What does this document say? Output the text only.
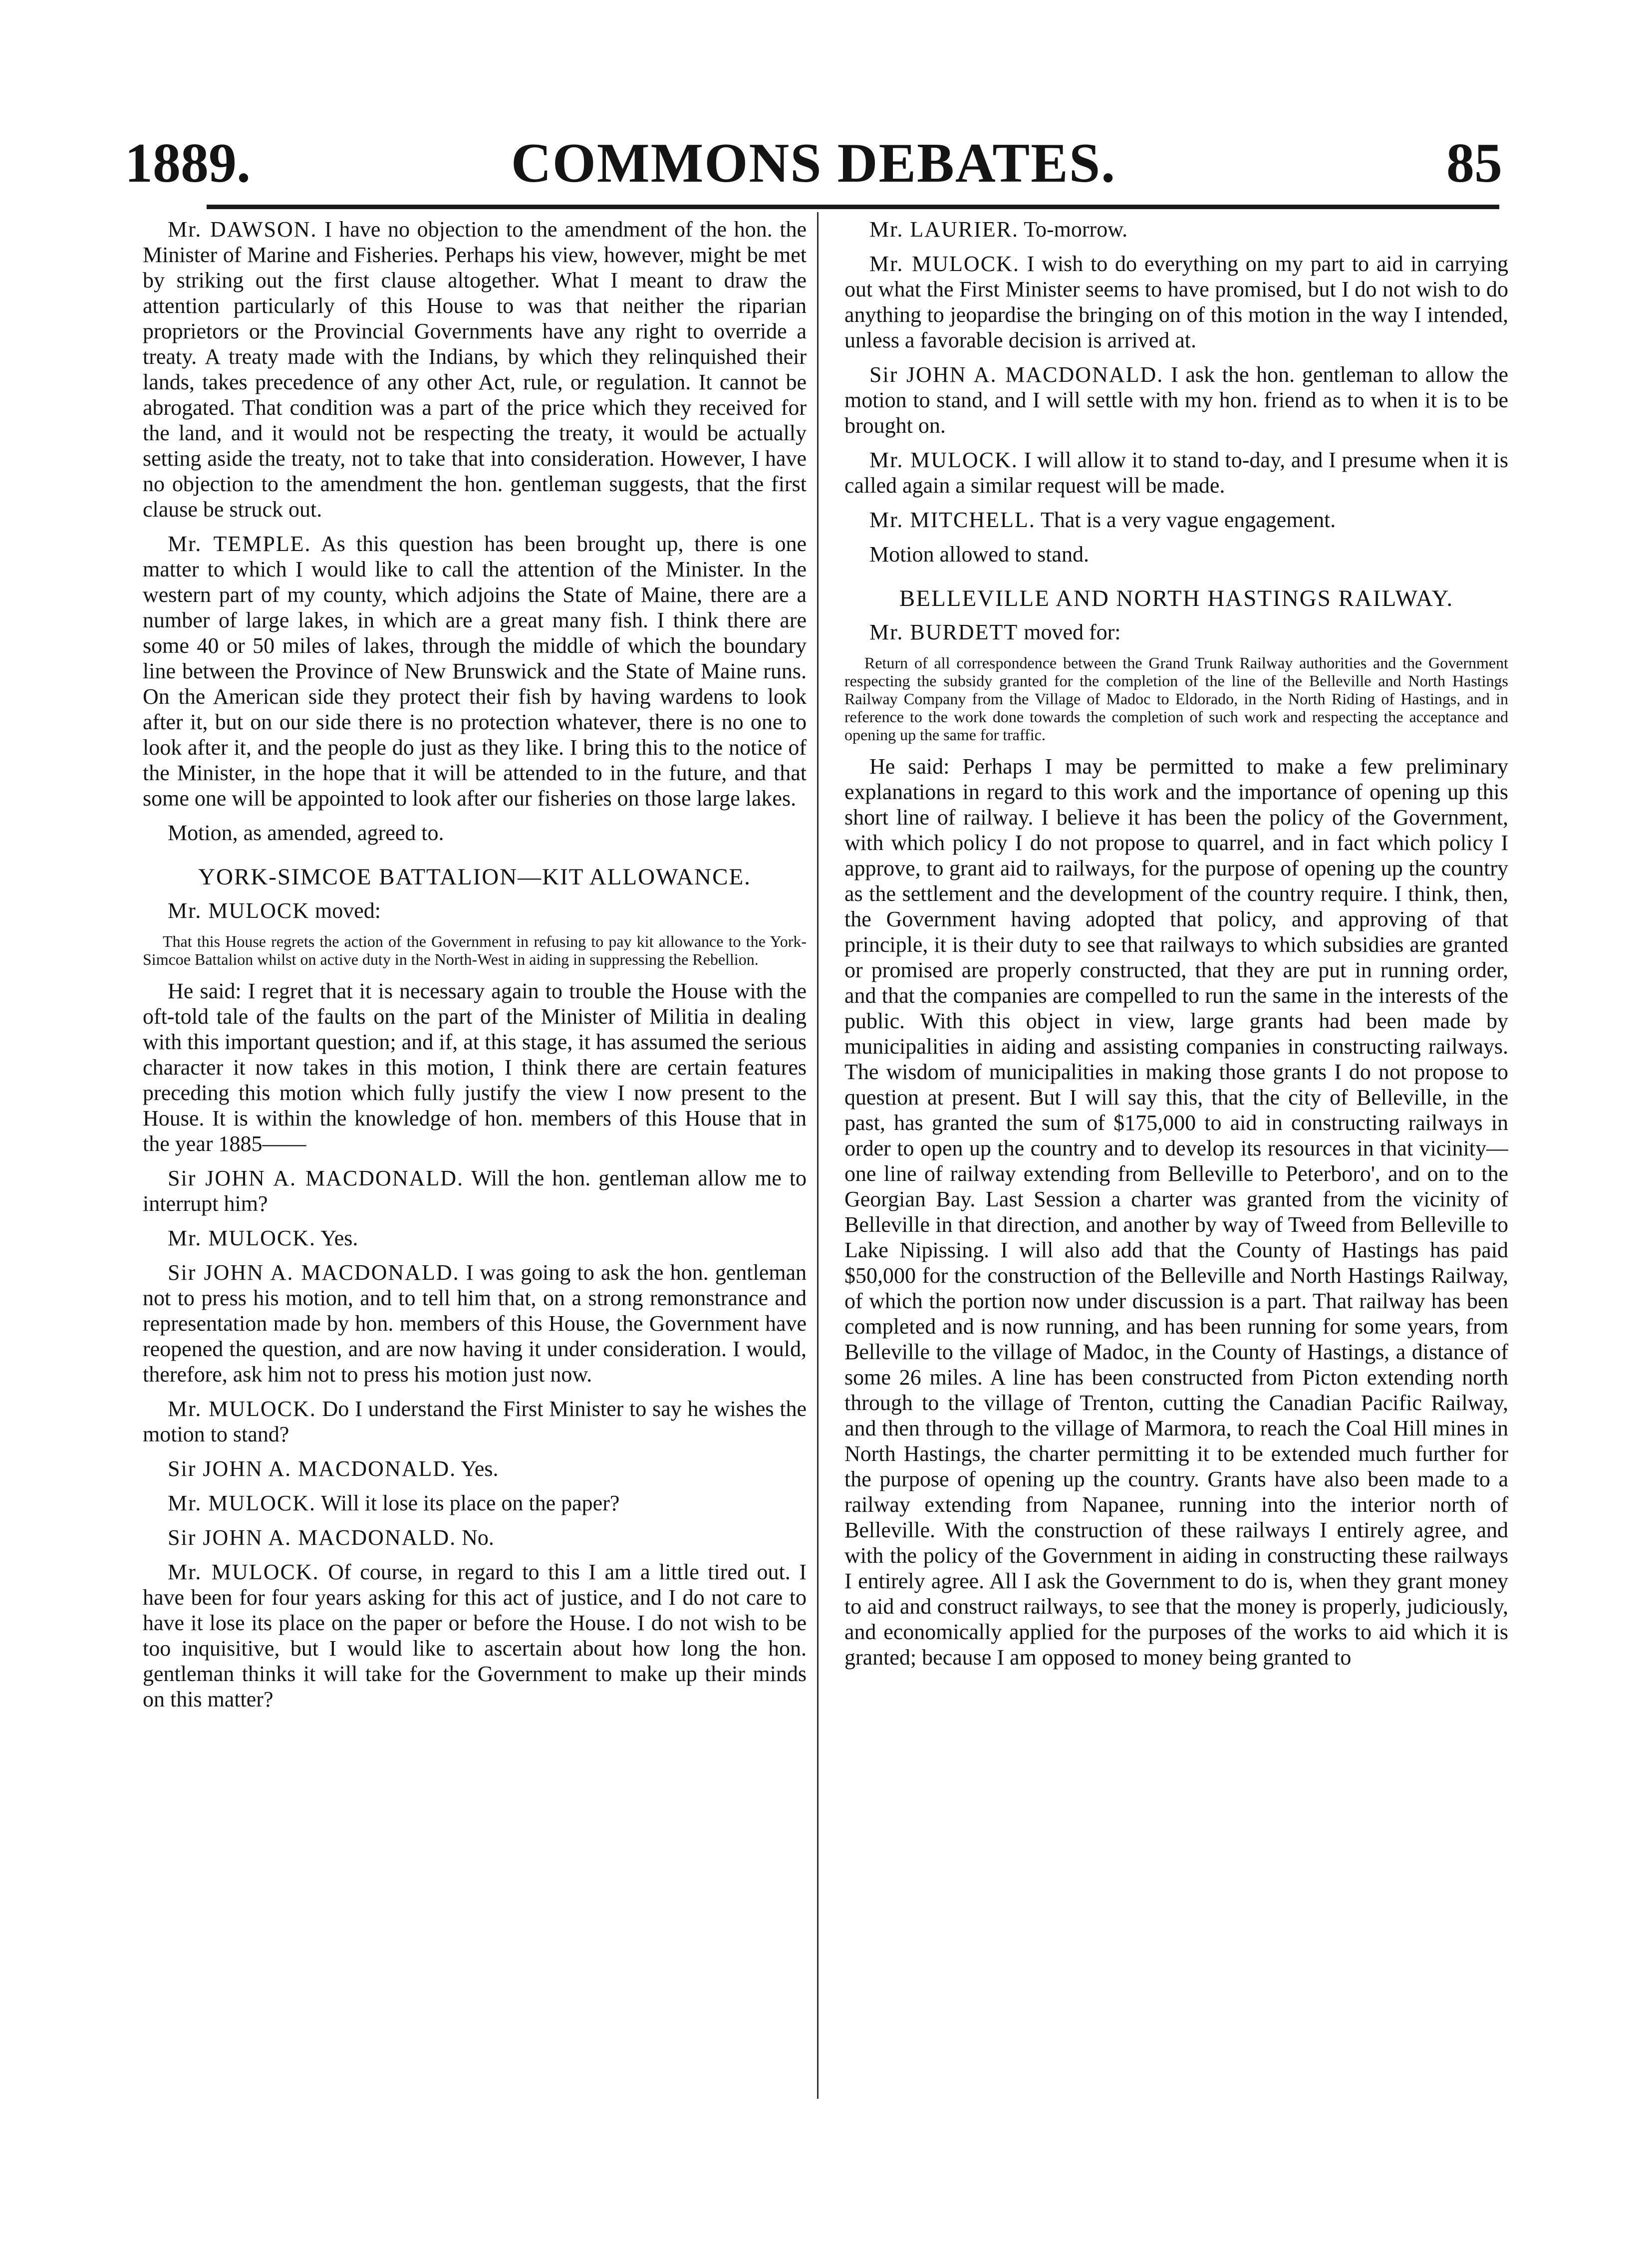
1889.	COMMONS DEBATES.	85

Mr. DAWSON. I have no objection to the amendment of the hon. the Minister of Marine and Fisheries. Perhaps his view, however, might be met by striking out the first clause altogether. What I meant to draw the attention particularly of this House to was that neither the riparian proprietors or the Provincial Governments have any right to override a treaty. A treaty made with the Indians, by which they relinquished their lands, takes precedence of any other Act, rule, or regulation. It cannot be abrogated. That condition was a part of the price which they received for the land, and it would not be respecting the treaty, it would be actually setting aside the treaty, not to take that into consideration. However, I have no objection to the amendment the hon. gentleman suggests, that the first clause be struck out.

Mr. TEMPLE. As this question has been brought up, there is one matter to which I would like to call the attention of the Minister. In the western part of my county, which adjoins the State of Maine, there are a number of large lakes, in which are a great many fish. I think there are some 40 or 50 miles of lakes, through the middle of which the boundary line between the Province of New Brunswick and the State of Maine runs. On the American side they protect their fish by having wardens to look after it, but on our side there is no protection whatever, there is no one to look after it, and the people do just as they like. I bring this to the notice of the Minister, in the hope that it will be attended to in the future, and that some one will be appointed to look after our fisheries on those large lakes.

Motion, as amended, agreed to.

YORK-SIMCOE BATTALION—KIT ALLOWANCE.

Mr. MULOCK moved:

That this House regrets the action of the Government in refusing to pay kit allowance to the York-Simcoe Battalion whilst on active duty in the North-West in aiding in suppressing the Rebellion.

He said: I regret that it is necessary again to trouble the House with the oft-told tale of the faults on the part of the Minister of Militia in dealing with this important question; and if, at this stage, it has assumed the serious character it now takes in this motion, I think there are certain features preceding this motion which fully justify the view I now present to the House. It is within the knowledge of hon. members of this House that in the year 1885——

Sir JOHN A. MACDONALD. Will the hon. gentleman allow me to interrupt him?

Mr. MULOCK. Yes.

Sir JOHN A. MACDONALD. I was going to ask the hon. gentleman not to press his motion, and to tell him that, on a strong remonstrance and representation made by hon. members of this House, the Government have reopened the question, and are now having it under consideration. I would, therefore, ask him not to press his motion just now.

Mr. MULOCK. Do I understand the First Minister to say he wishes the motion to stand?

Sir JOHN A. MACDONALD. Yes.

Mr. MULOCK. Will it lose its place on the paper?

Sir JOHN A. MACDONALD. No.

Mr. MULOCK. Of course, in regard to this I am a little tired out. I have been for four years asking for this act of justice, and I do not care to have it lose its place on the paper or before the House. I do not wish to be too inquisitive, but I would like to ascertain about how long the hon. gentleman thinks it will take for the Government to make up their minds on this matter?

Mr. LAURIER. To-morrow.

Mr. MULOCK. I wish to do everything on my part to aid in carrying out what the First Minister seems to have promised, but I do not wish to do anything to jeopardise the bringing on of this motion in the way I intended, unless a favorable decision is arrived at.

Sir JOHN A. MACDONALD. I ask the hon. gentleman to allow the motion to stand, and I will settle with my hon. friend as to when it is to be brought on.

Mr. MULOCK. I will allow it to stand to-day, and I presume when it is called again a similar request will be made.

Mr. MITCHELL. That is a very vague engagement.

Motion allowed to stand.

BELLEVILLE AND NORTH HASTINGS RAILWAY.

Mr. BURDETT moved for:

Return of all correspondence between the Grand Trunk Railway authorities and the Government respecting the subsidy granted for the completion of the line of the Belleville and North Hastings Railway Company from the Village of Madoc to Eldorado, in the North Riding of Hastings, and in reference to the work done towards the completion of such work and respecting the acceptance and opening up the same for traffic.

He said: Perhaps I may be permitted to make a few preliminary explanations in regard to this work and the importance of opening up this short line of railway. I believe it has been the policy of the Government, with which policy I do not propose to quarrel, and in fact which policy I approve, to grant aid to railways, for the purpose of opening up the country as the settlement and the development of the country require. I think, then, the Government having adopted that policy, and approving of that principle, it is their duty to see that railways to which subsidies are granted or promised are properly constructed, that they are put in running order, and that the companies are compelled to run the same in the interests of the public. With this object in view, large grants had been made by municipalities in aiding and assisting companies in constructing railways. The wisdom of municipalities in making those grants I do not propose to question at present. But I will say this, that the city of Belleville, in the past, has granted the sum of $175,000 to aid in constructing railways in order to open up the country and to develop its resources in that vicinity—one line of railway extending from Belleville to Peterboro', and on to the Georgian Bay. Last Session a charter was granted from the vicinity of Belleville in that direction, and another by way of Tweed from Belleville to Lake Nipissing. I will also add that the County of Hastings has paid $50,000 for the construction of the Belleville and North Hastings Railway, of which the portion now under discussion is a part. That railway has been completed and is now running, and has been running for some years, from Belleville to the village of Madoc, in the County of Hastings, a distance of some 26 miles. A line has been constructed from Picton extending north through to the village of Trenton, cutting the Canadian Pacific Railway, and then through to the village of Marmora, to reach the Coal Hill mines in North Hastings, the charter permitting it to be extended much further for the purpose of opening up the country. Grants have also been made to a railway extending from Napanee, running into the interior north of Belleville. With the construction of these railways I entirely agree, and with the policy of the Government in aiding in constructing these railways I entirely agree. All I ask the Government to do is, when they grant money to aid and construct railways, to see that the money is properly, judiciously, and economically applied for the purposes of the works to aid which it is granted; because I am opposed to money being granted to
